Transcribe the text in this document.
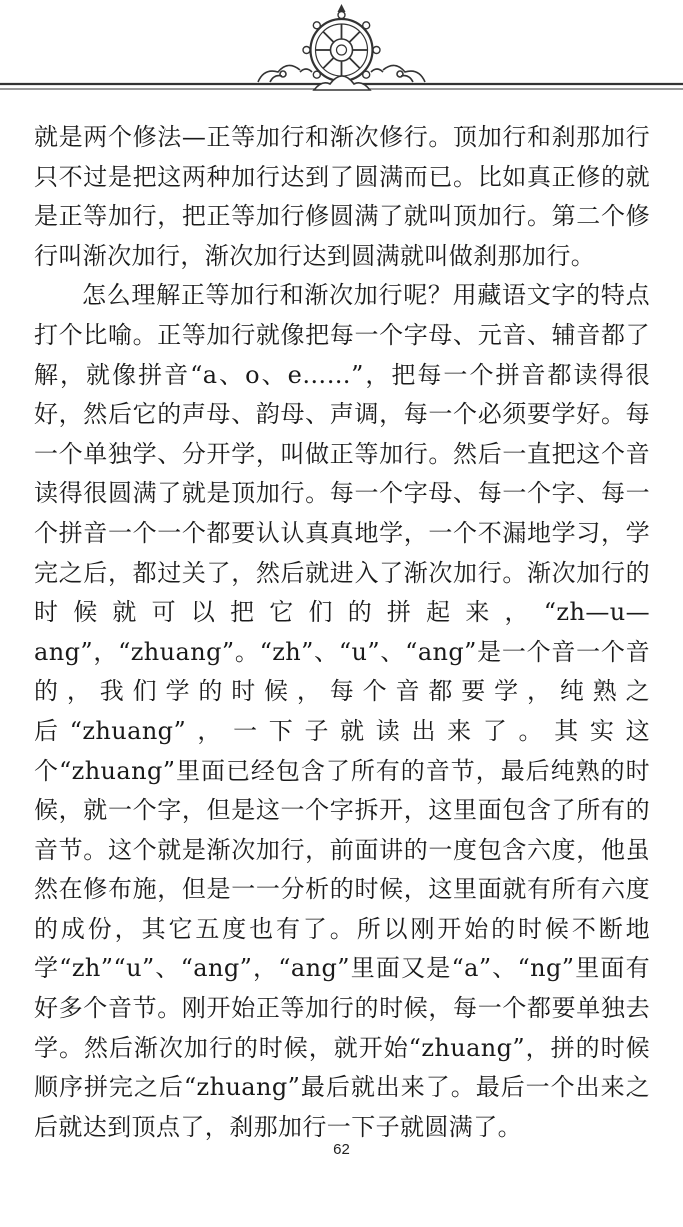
就是两个修法—正等加行和渐次修行。顶加行和刹那加行只不过是把这两种加行达到了圆满而已。比如真正修的就是正等加行，把正等加行修圆满了就叫顶加行。第二个修行叫渐次加行，渐次加行达到圆满就叫做刹那加行。

怎么理解正等加行和渐次加行呢？用藏语文字的特点打个比喻。正等加行就像把每一个字母、元音、辅音都了解，就像拼音“a、o、e……”，把每一个拼音都读得很好，然后它的声母、韵母、声调，每一个必须要学好。每一个单独学、分开学，叫做正等加行。然后一直把这个音读得很圆满了就是顶加行。每一个字母、每一个字、每一个拼音一个一个都要认认真真地学，一个不漏地学习，学完之后，都过关了，然后就进入了渐次加行。渐次加行的时候就可以把它们的拼起来，“zh—u—ang”，“zhuang”。“zh”、“u”、“ang”是一个音一个音的，我们学的时候，每个音都要学，纯熟之后“zhuang”，一下子就读出来了。其实这个“zhuang”里面已经包含了所有的音节，最后纯熟的时候，就一个字，但是这一个字拆开，这里面包含了所有的音节。这个就是渐次加行，前面讲的一度包含六度，他虽然在修布施，但是一一分析的时候，这里面就有所有六度的成份，其它五度也有了。所以刚开始的时候不断地学“zh”“u”、“ang”，“ang”里面又是“a”、“ng”里面有好多个音节。刚开始正等加行的时候，每一个都要单独去学。然后渐次加行的时候，就开始“zhuang”，拼的时候顺序拼完之后“zhuang”最后就出来了。最后一个出来之后就达到顶点了，刹那加行一下子就圆满了。

62
